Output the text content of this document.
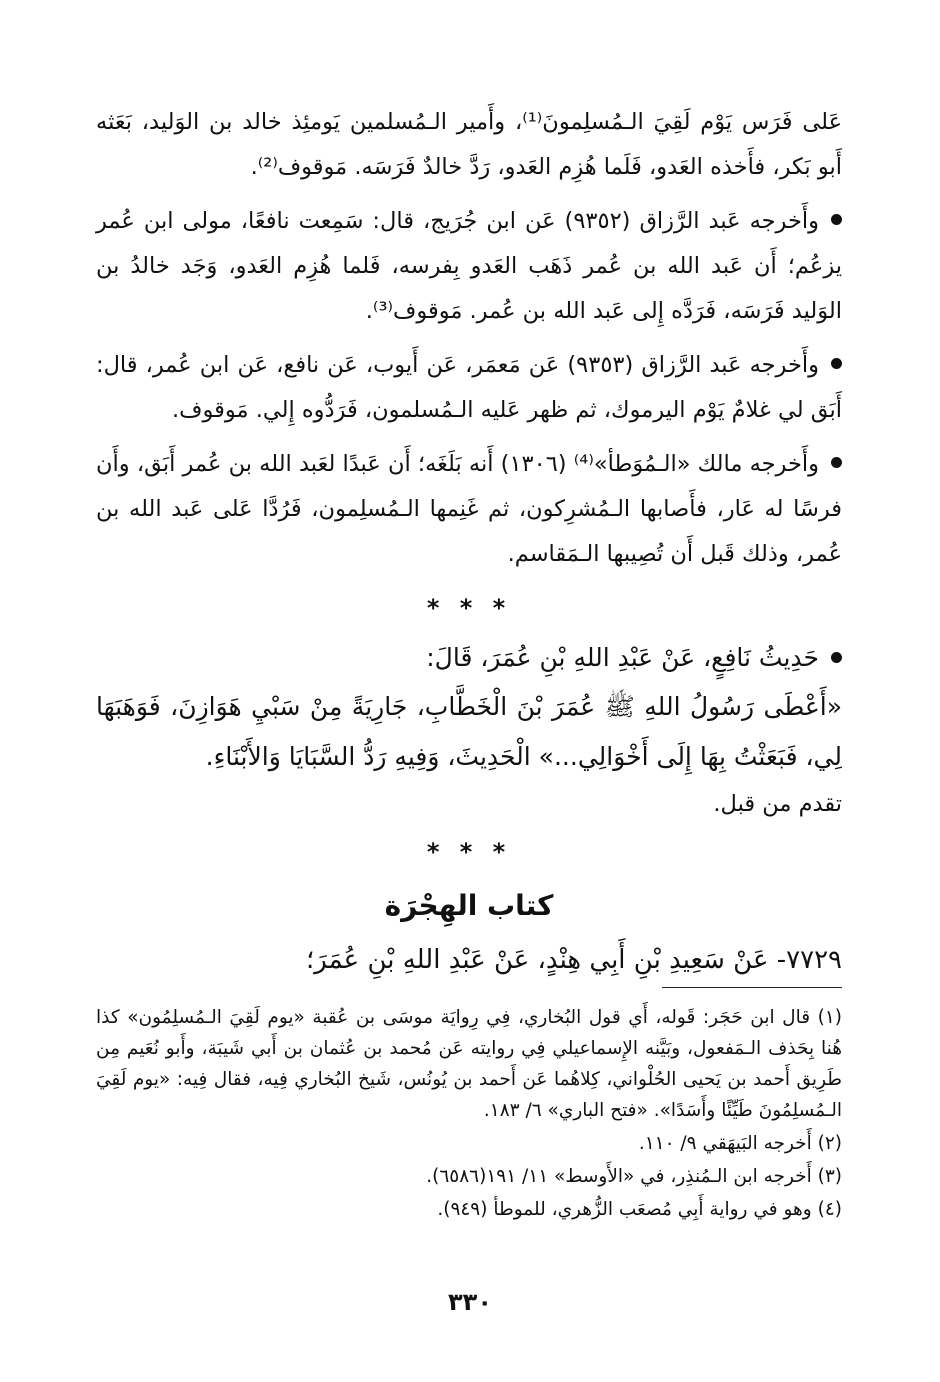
عَلى فَرَس يَوْم لَقِيَ الـمُسلِمونَ⁽¹⁾، وأَمير الـمُسلمين يَومئِذ خالد بن الوَليد، بَعَثه أَبو بَكر، فأَخذه العَدو، فَلَما هُزِم العَدو، رَدَّ خالدٌ فَرَسَه. مَوقوف⁽²⁾.

وأَخرجه عَبد الرَّزاق (٩٣٥٢) عَن ابن جُرَيج، قال: سَمِعت نافعًا، مولى ابن عُمر يزعُم؛ أَن عَبد الله بن عُمر ذَهَب العَدو بِفرسه، فَلما هُزِم العَدو، وَجَد خالدُ بن الوَليد فَرَسَه، فَرَدَّه إِلى عَبد الله بن عُمر. مَوقوف⁽³⁾.

وأَخرجه عَبد الرَّزاق (٩٣٥٣) عَن مَعمَر، عَن أَيوب، عَن نافع، عَن ابن عُمر، قال: أَبَق لي غلامٌ يَوْم اليرموك، ثم ظهر عَليه الـمُسلمون، فَرَدُّوه إِلي. مَوقوف.

وأَخرجه مالك «الـمُوَطأ»⁽⁴⁾ (١٣٠٦) أَنه بَلَغَه؛ أَن عَبدًا لعَبد الله بن عُمر أَبَق، وأَن فرسًا له عَار، فأَصابها الـمُشرِكون، ثم غَنِمها الـمُسلِمون، فَرُدَّا عَلى عَبد الله بن عُمر، وذلك قَبل أَن تُصِيبها الـمَقاسم.

* * *

حَدِيثُ نَافِعٍ، عَنْ عَبْدِ اللهِ بْنِ عُمَرَ، قَالَ:

«أَعْطَى رَسُولُ اللهِ ﷺ عُمَرَ بْنَ الْخَطَّابِ، جَارِيَةً مِنْ سَبْيِ هَوَازِنَ، فَوَهَبَهَا لِي، فَبَعَثْتُ بِهَا إِلَى أَخْوَالِي...» الْحَدِيثَ، وَفِيهِ رَدُّ السَّبَايَا وَالأَبْنَاءِ.

تقدم من قبل.

* * *
كتاب الهِجْرَة

٧٧٢٩- عَنْ سَعِيدِ بْنِ أَبِي هِنْدٍ، عَنْ عَبْدِ اللهِ بْنِ عُمَرَ؛

(١) قال ابن حَجَر: قَوله، أَي قول البُخاري، فِي رِوايَة موسَى بن عُقبة «يوم لَقِيَ الـمُسلِمُون» كذا هُنا بِحَذف الـمَفعول، وبَيَّنه الإِسماعيلي فِي روايته عَن مُحمد بن عُثمان بن أَبي شَيبَة، وأَبو نُعَيم مِن طَرِيق أَحمد بن يَحيى الحُلْواني، كِلاهُما عَن أَحمد بن يُونُس، شَيخ البُخاري فِيه، فقال فِيه: «يوم لَقِيَ الـمُسلِمُونَ طَيِّئًا وأَسَدًا». «فتح الباري» ٦/ ١٨٣.

(٢) أَخرجه البَيهَقي ٩/ ١١٠.

(٣) أَخرجه ابن الـمُنذِر، في «الأَوسط» ١١/ ١٩١(٦٥٨٦).

(٤) وهو في رواية أَبِي مُصعَب الزُّهري، للموطأ (٩٤٩).

٣٣٠
